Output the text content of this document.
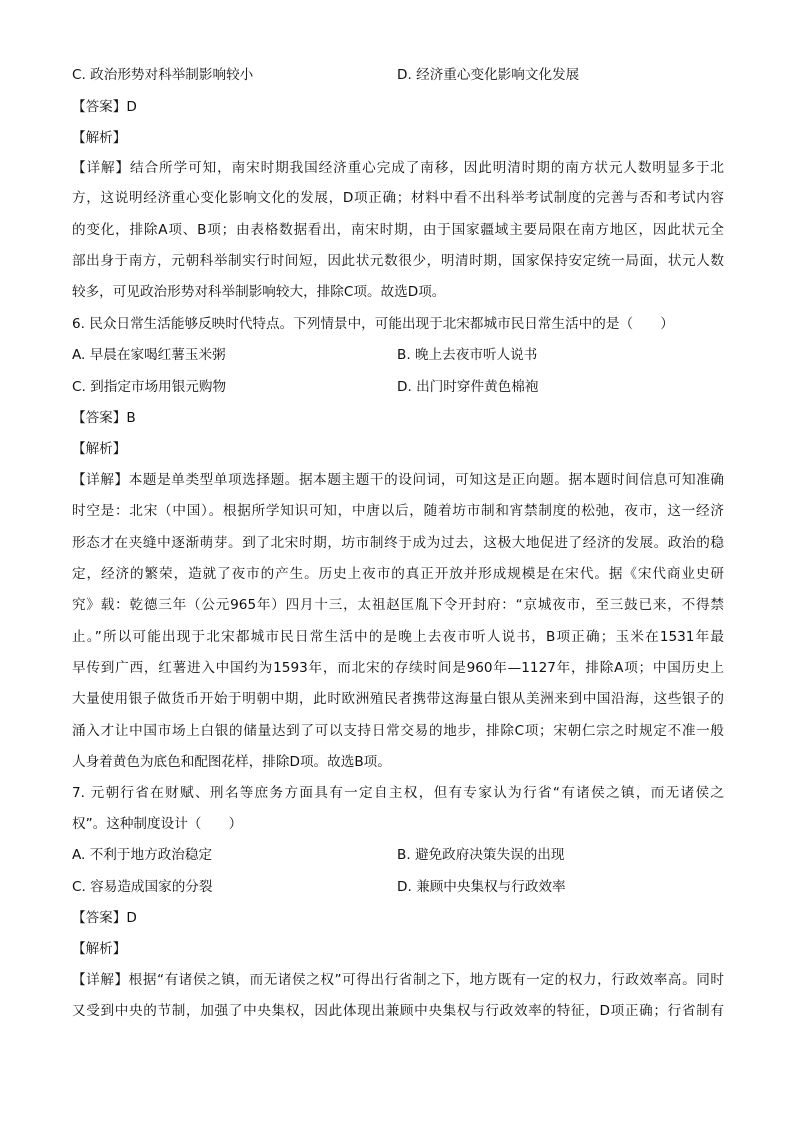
C. 政治形势对科举制影响较小	D. 经济重心变化影响文化发展
【答案】D
【解析】
【详解】结合所学可知，南宋时期我国经济重心完成了南移，因此明清时期的南方状元人数明显多于北
方，这说明经济重心变化影响文化的发展，D项正确；材料中看不出科举考试制度的完善与否和考试内容
的变化，排除A项、B项；由表格数据看出，南宋时期，由于国家疆域主要局限在南方地区，因此状元全
部出身于南方，元朝科举制实行时间短，因此状元数很少，明清时期，国家保持安定统一局面，状元人数
较多，可见政治形势对科举制影响较大，排除C项。故选D项。
6. 民众日常生活能够反映时代特点。下列情景中，可能出现于北宋都城市民日常生活中的是（　　）
A. 早晨在家喝红薯玉米粥	B. 晚上去夜市听人说书
C. 到指定市场用银元购物	D. 出门时穿件黄色棉袍
【答案】B
【解析】
【详解】本题是单类型单项选择题。据本题主题干的设问词，可知这是正向题。据本题时间信息可知准确
时空是：北宋（中国）。根据所学知识可知，中唐以后，随着坊市制和宵禁制度的松弛，夜市，这一经济
形态才在夹缝中逐渐萌芽。到了北宋时期，坊市制终于成为过去，这极大地促进了经济的发展。政治的稳
定，经济的繁荣，造就了夜市的产生。历史上夜市的真正开放并形成规模是在宋代。据《宋代商业史研
究》载：乾德三年（公元965年）四月十三，太祖赵匡胤下令开封府：“京城夜市，至三鼓已来，不得禁
止。”所以可能出现于北宋都城市民日常生活中的是晚上去夜市听人说书，B项正确；玉米在1531年最
早传到广西，红薯进入中国约为1593年，而北宋的存续时间是960年—1127年，排除A项；中国历史上
大量使用银子做货币开始于明朝中期，此时欧洲殖民者携带这海量白银从美洲来到中国沿海，这些银子的
涌入才让中国市场上白银的储量达到了可以支持日常交易的地步，排除C项；宋朝仁宗之时规定不准一般
人身着黄色为底色和配图花样，排除D项。故选B项。
7. 元朝行省在财赋、刑名等庶务方面具有一定自主权，但有专家认为行省“有诸侯之镇，而无诸侯之
权”。这种制度设计（　　）
A. 不利于地方政治稳定	B. 避免政府决策失误的出现
C. 容易造成国家的分裂	D. 兼顾中央集权与行政效率
【答案】D
【解析】
【详解】根据“有诸侯之镇，而无诸侯之权”可得出行省制之下，地方既有一定的权力，行政效率高。同时
又受到中央的节制，加强了中央集权，因此体现出兼顾中央集权与行政效率的特征，D项正确；行省制有
